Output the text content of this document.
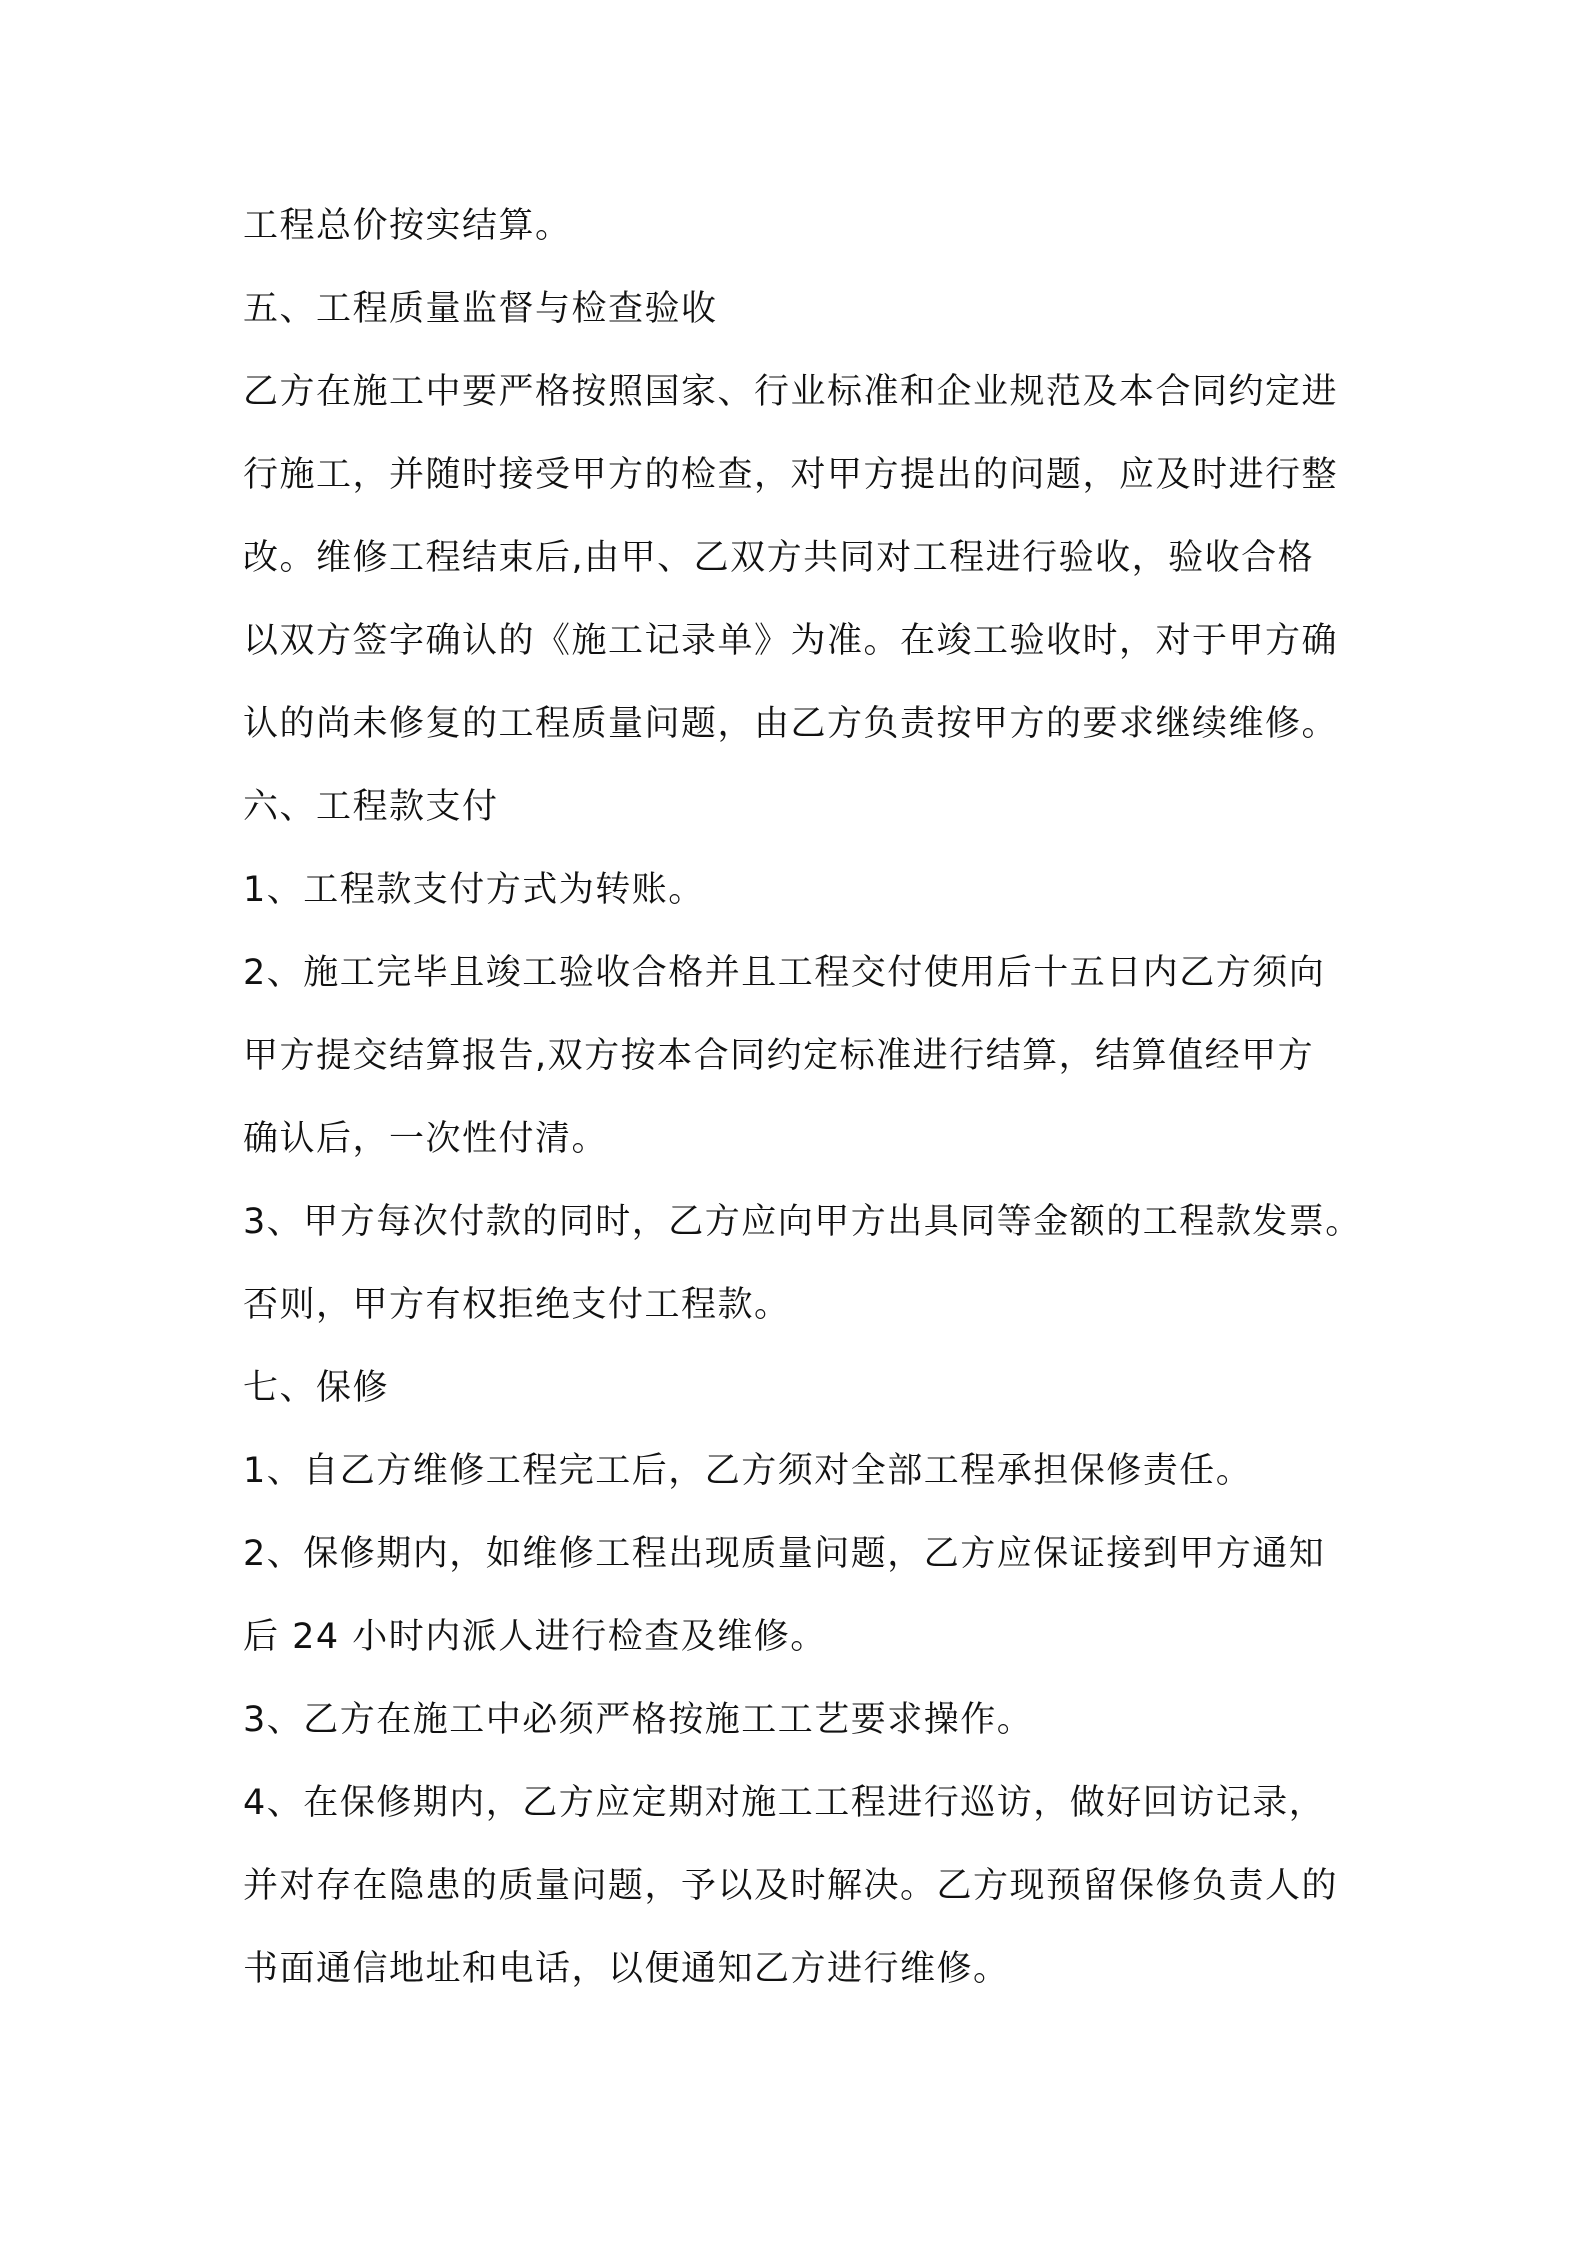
工程总价按实结算。
五、工程质量监督与检查验收
乙方在施工中要严格按照国家、行业标准和企业规范及本合同约定进
行施工，并随时接受甲方的检查，对甲方提出的问题，应及时进行整
改。维修工程结束后,由甲、乙双方共同对工程进行验收，验收合格
以双方签字确认的《施工记录单》为准。在竣工验收时，对于甲方确
认的尚未修复的工程质量问题，由乙方负责按甲方的要求继续维修。
六、工程款支付
1、工程款支付方式为转账。
2、施工完毕且竣工验收合格并且工程交付使用后十五日内乙方须向
甲方提交结算报告,双方按本合同约定标准进行结算，结算值经甲方
确认后，一次性付清。
3、甲方每次付款的同时，乙方应向甲方出具同等金额的工程款发票。
否则，甲方有权拒绝支付工程款。
七、保修
1、自乙方维修工程完工后，乙方须对全部工程承担保修责任。
2、保修期内，如维修工程出现质量问题，乙方应保证接到甲方通知
后 24 小时内派人进行检查及维修。
3、乙方在施工中必须严格按施工工艺要求操作。
4、在保修期内，乙方应定期对施工工程进行巡访，做好回访记录，
并对存在隐患的质量问题，予以及时解决。乙方现预留保修负责人的
书面通信地址和电话，以便通知乙方进行维修。
